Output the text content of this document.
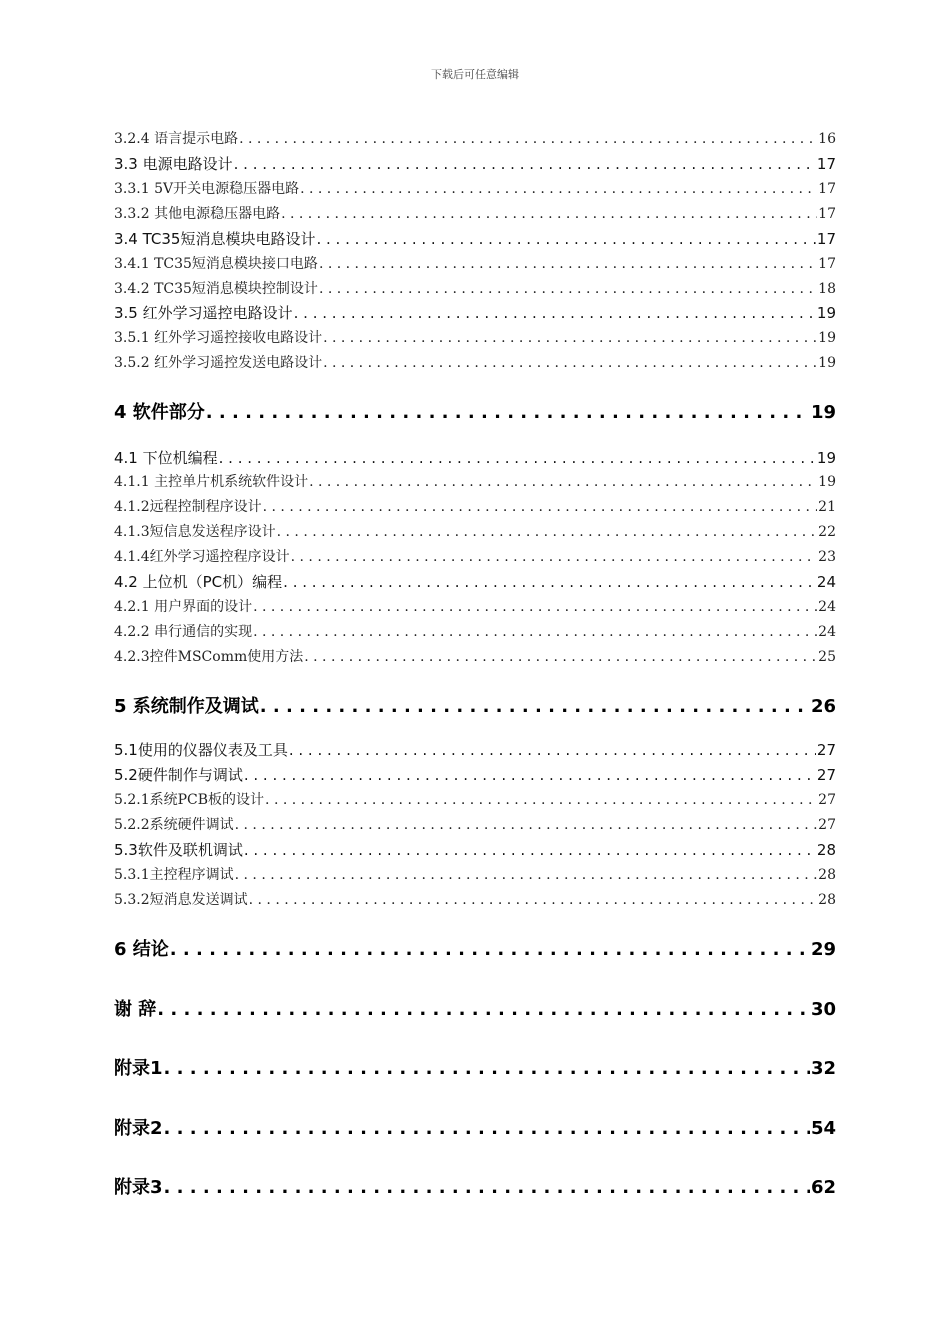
下载后可任意编辑
3.2.4 语言提示电路 . . .	16
3.3 电源电路设计 . . .	17
3.3.1 5V开关电源稳压器电路 . . .	17
3.3.2 其他电源稳压器电路 . . .	17
3.4 TC35短消息模块电路设计 . . .	17
3.4.1 TC35短消息模块接口电路 . . .	17
3.4.2 TC35短消息模块控制设计 . . .	18
3.5 红外学习遥控电路设计 . . .	19
3.5.1 红外学习遥控接收电路设计 . . .	19
3.5.2 红外学习遥控发送电路设计 . . .	19
4 软件部分 . . .	19
4.1 下位机编程 . . .	19
4.1.1 主控单片机系统软件设计 . . .	19
4.1.2远程控制程序设计 . . .	21
4.1.3短信息发送程序设计 . . .	22
4.1.4红外学习遥控程序设计 . . .	23
4.2 上位机（PC机）编程 . . .	24
4.2.1 用户界面的设计 . . .	24
4.2.2 串行通信的实现 . . .	24
4.2.3控件MSComm使用方法 . . .	25
5 系统制作及调试 . . .	26
5.1使用的仪器仪表及工具 . . .	27
5.2硬件制作与调试 . . .	27
5.2.1系统PCB板的设计 . . .	27
5.2.2系统硬件调试 . . .	27
5.3软件及联机调试 . . .	28
5.3.1主控程序调试 . . .	28
5.3.2短消息发送调试 . . .	28
6 结论 . . .	29
谢 辞 . . .	30
附录1 . . .	32
附录2 . . .	54
附录3 . . .	62
